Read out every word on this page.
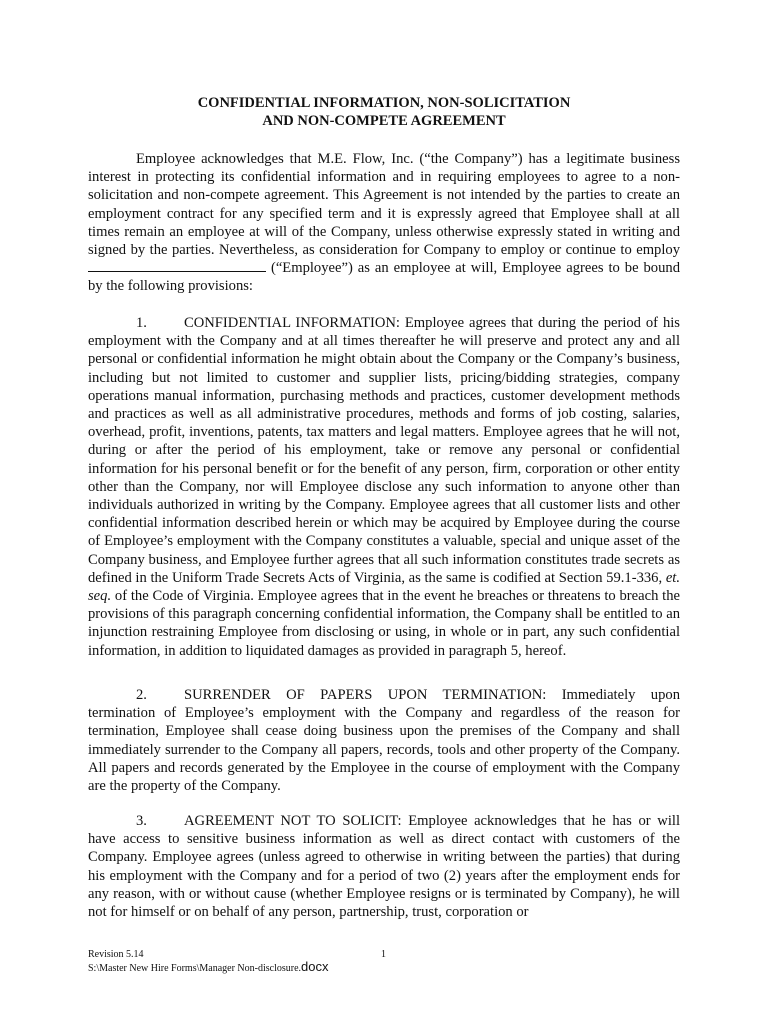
CONFIDENTIAL INFORMATION, NON-SOLICITATION
AND NON-COMPETE AGREEMENT

Employee acknowledges that M.E. Flow, Inc. (“the Company”) has a legitimate business interest in protecting its confidential information and in requiring employees to agree to a non-solicitation and non-compete agreement. This Agreement is not intended by the parties to create an employment contract for any specified term and it is expressly agreed that Employee shall at all times remain an employee at will of the Company, unless otherwise expressly stated in writing and signed by the parties. Nevertheless, as consideration for Company to employ or continue to employ  (“Employee”) as an employee at will, Employee agrees to be bound by the following provisions:

1.	CONFIDENTIAL INFORMATION: Employee agrees that during the period of his employment with the Company and at all times thereafter he will preserve and protect any and all personal or confidential information he might obtain about the Company or the Company’s business, including but not limited to customer and supplier lists, pricing/bidding strategies, company operations manual information, purchasing methods and practices, customer development methods and practices as well as all administrative procedures, methods and forms of job costing, salaries, overhead, profit, inventions, patents, tax matters and legal matters. Employee agrees that he will not, during or after the period of his employment, take or remove any personal or confidential information for his personal benefit or for the benefit of any person, firm, corporation or other entity other than the Company, nor will Employee disclose any such information to anyone other than individuals authorized in writing by the Company. Employee agrees that all customer lists and other confidential information described herein or which may be acquired by Employee during the course of Employee’s employment with the Company constitutes a valuable, special and unique asset of the Company business, and Employee further agrees that all such information constitutes trade secrets as defined in the Uniform Trade Secrets Acts of Virginia, as the same is codified at Section 59.1-336, et. seq. of the Code of Virginia. Employee agrees that in the event he breaches or threatens to breach the provisions of this paragraph concerning confidential information, the Company shall be entitled to an injunction restraining Employee from disclosing or using, in whole or in part, any such confidential information, in addition to liquidated damages as provided in paragraph 5, hereof.

2.	SURRENDER OF PAPERS UPON TERMINATION: Immediately upon termination of Employee’s employment with the Company and regardless of the reason for termination, Employee shall cease doing business upon the premises of the Company and shall immediately surrender to the Company all papers, records, tools and other property of the Company. All papers and records generated by the Employee in the course of employment with the Company are the property of the Company.

3.	AGREEMENT NOT TO SOLICIT: Employee acknowledges that he has or will have access to sensitive business information as well as direct contact with customers of the Company. Employee agrees (unless agreed to otherwise in writing between the parties) that during his employment with the Company and for a period of two (2) years after the employment ends for any reason, with or without cause (whether Employee resigns or is terminated by Company), he will not for himself or on behalf of any person, partnership, trust, corporation or

Revision 5.14	1
S:\Master New Hire Forms\Manager Non-disclosure.docx
